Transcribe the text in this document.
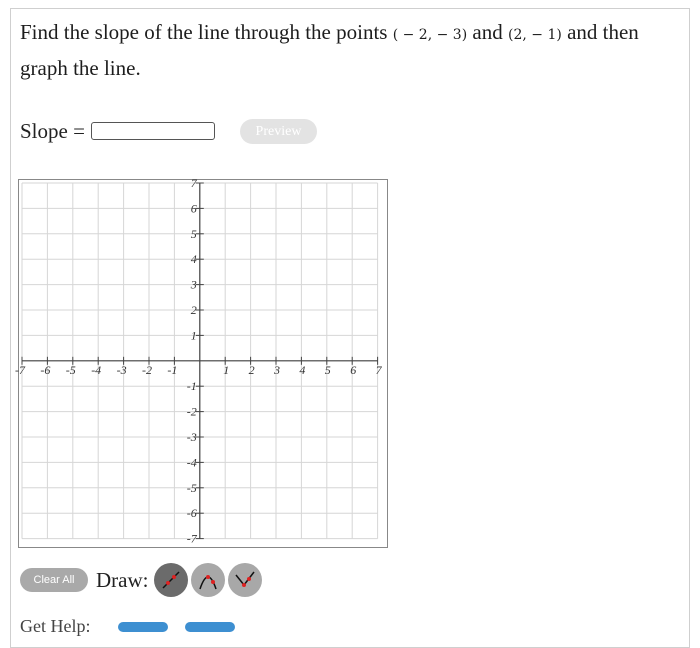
Find the slope of the line through the points ( − 2, − 3) and (2, − 1) and then graph the line.
Slope =	Preview
-7 -6 -5 -4 -3 -2 -1	1 2 3 4 5 6 7
7
6
5
4
3
2
1
-1
-2
-3
-4
-5
-6
-7
Clear All	Draw:
Get Help:
